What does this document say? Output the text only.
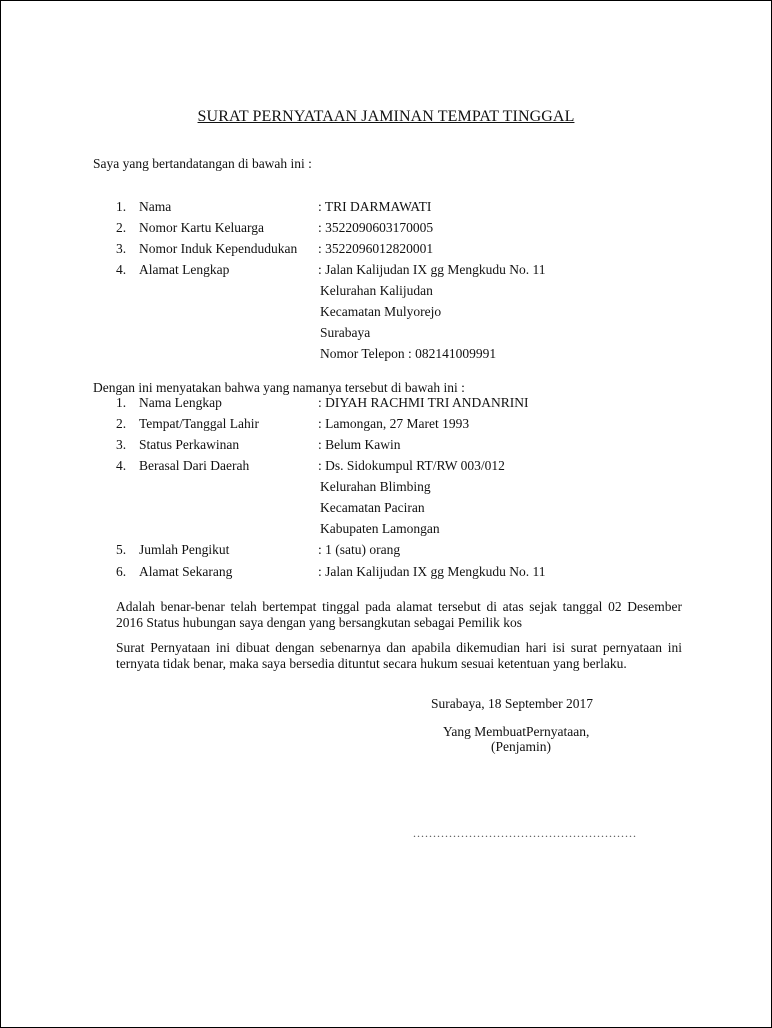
SURAT PERNYATAAN JAMINAN TEMPAT TINGGAL
Saya yang bertandatangan di bawah ini :
1. Nama	: TRI DARMAWATI
2. Nomor Kartu Keluarga	: 3522090603170005
3. Nomor Induk Kependudukan : 3522096012820001
4. Alamat Lengkap	: Jalan Kalijudan IX gg Mengkudu No. 11
Kelurahan Kalijudan
Kecamatan Mulyorejo
Surabaya
Nomor Telepon : 082141009991
Dengan ini menyatakan bahwa yang namanya tersebut di bawah ini :
1. Nama Lengkap	: DIYAH RACHMI TRI ANDANRINI
2. Tempat/Tanggal Lahir	: Lamongan, 27 Maret 1993
3. Status Perkawinan	: Belum Kawin
4. Berasal Dari Daerah	: Ds. Sidokumpul RT/RW 003/012
Kelurahan Blimbing
Kecamatan Paciran
Kabupaten Lamongan
5. Jumlah Pengikut	: 1 (satu) orang
6. Alamat Sekarang	: Jalan Kalijudan IX gg Mengkudu No. 11
Adalah benar-benar telah bertempat tinggal pada alamat tersebut di atas sejak tanggal 02 Desember 2016 Status hubungan saya dengan yang bersangkutan sebagai Pemilik kos
Surat Pernyataan ini dibuat dengan sebenarnya dan apabila dikemudian hari isi surat pernyataan ini ternyata tidak benar, maka saya bersedia dituntut secara hukum sesuai ketentuan yang berlaku.
Surabaya, 18 September 2017
Yang MembuatPernyataan,
(Penjamin)
........................................................
